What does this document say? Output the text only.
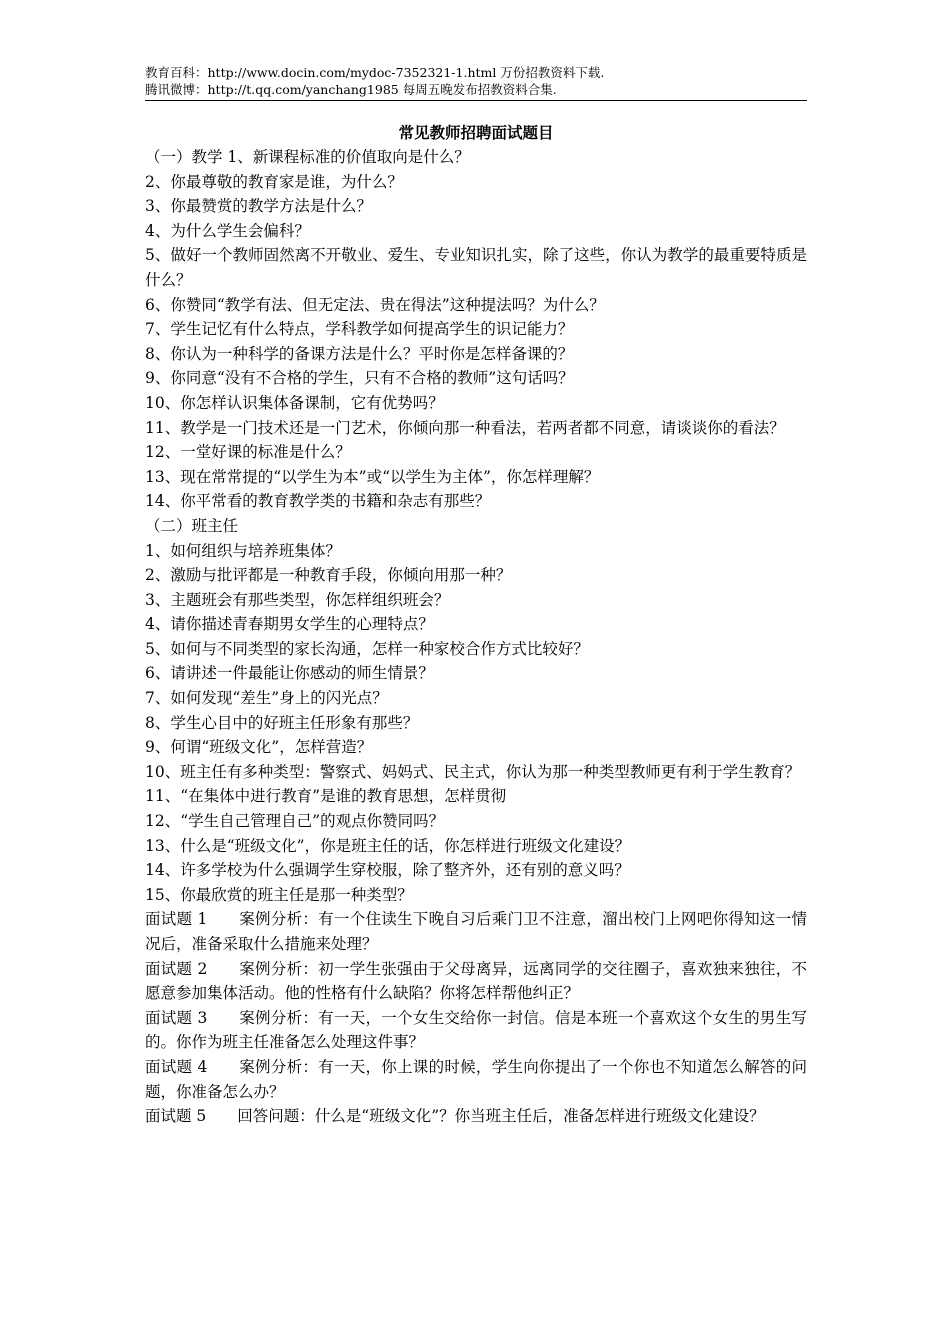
教育百科：http://www.docin.com/mydoc-7352321-1.html 万份招教资料下载.
腾讯微博：http://t.qq.com/yanchang1985 每周五晚发布招教资料合集.
常见教师招聘面试题目
（一）教学 1、新课程标准的价值取向是什么？
2、你最尊敬的教育家是谁，为什么？
3、你最赞赏的教学方法是什么？
4、为什么学生会偏科？
5、做好一个教师固然离不开敬业、爱生、专业知识扎实，除了这些，你认为教学的最重要特质是什么？
6、你赞同“教学有法、但无定法、贵在得法”这种提法吗？为什么？
7、学生记忆有什么特点，学科教学如何提高学生的识记能力？
8、你认为一种科学的备课方法是什么？平时你是怎样备课的？
9、你同意“没有不合格的学生，只有不合格的教师”这句话吗？
10、你怎样认识集体备课制，它有优势吗？
11、教学是一门技术还是一门艺术，你倾向那一种看法，若两者都不同意，请谈谈你的看法？
12、一堂好课的标准是什么？
13、现在常常提的“以学生为本”或“以学生为主体”，你怎样理解？
14、你平常看的教育教学类的书籍和杂志有那些？
（二）班主任
1、如何组织与培养班集体？
2、激励与批评都是一种教育手段，你倾向用那一种？
3、主题班会有那些类型，你怎样组织班会？
4、请你描述青春期男女学生的心理特点？
5、如何与不同类型的家长沟通，怎样一种家校合作方式比较好？
6、请讲述一件最能让你感动的师生情景？
7、如何发现“差生”身上的闪光点？
8、学生心目中的好班主任形象有那些？
9、何谓“班级文化”，怎样营造？
10、班主任有多种类型：警察式、妈妈式、民主式，你认为那一种类型教师更有利于学生教育？
11、“在集体中进行教育”是谁的教育思想，怎样贯彻
12、“学生自己管理自己”的观点你赞同吗？
13、什么是“班级文化”，你是班主任的话，你怎样进行班级文化建设？
14、许多学校为什么强调学生穿校服，除了整齐外，还有别的意义吗？
15、你最欣赏的班主任是那一种类型？
面试题 1　　案例分析：有一个住读生下晚自习后乘门卫不注意，溜出校门上网吧你得知这一情况后，准备采取什么措施来处理？
面试题 2　　案例分析：初一学生张强由于父母离异，远离同学的交往圈子，喜欢独来独往，不愿意参加集体活动。他的性格有什么缺陷？你将怎样帮他纠正？
面试题 3　　案例分析：有一天，一个女生交给你一封信。信是本班一个喜欢这个女生的男生写的。你作为班主任准备怎么处理这件事？
面试题 4　　案例分析：有一天，你上课的时候，学生向你提出了一个你也不知道怎么解答的问题，你准备怎么办？
面试题 5　　回答问题：什么是“班级文化”？你当班主任后，准备怎样进行班级文化建设？
